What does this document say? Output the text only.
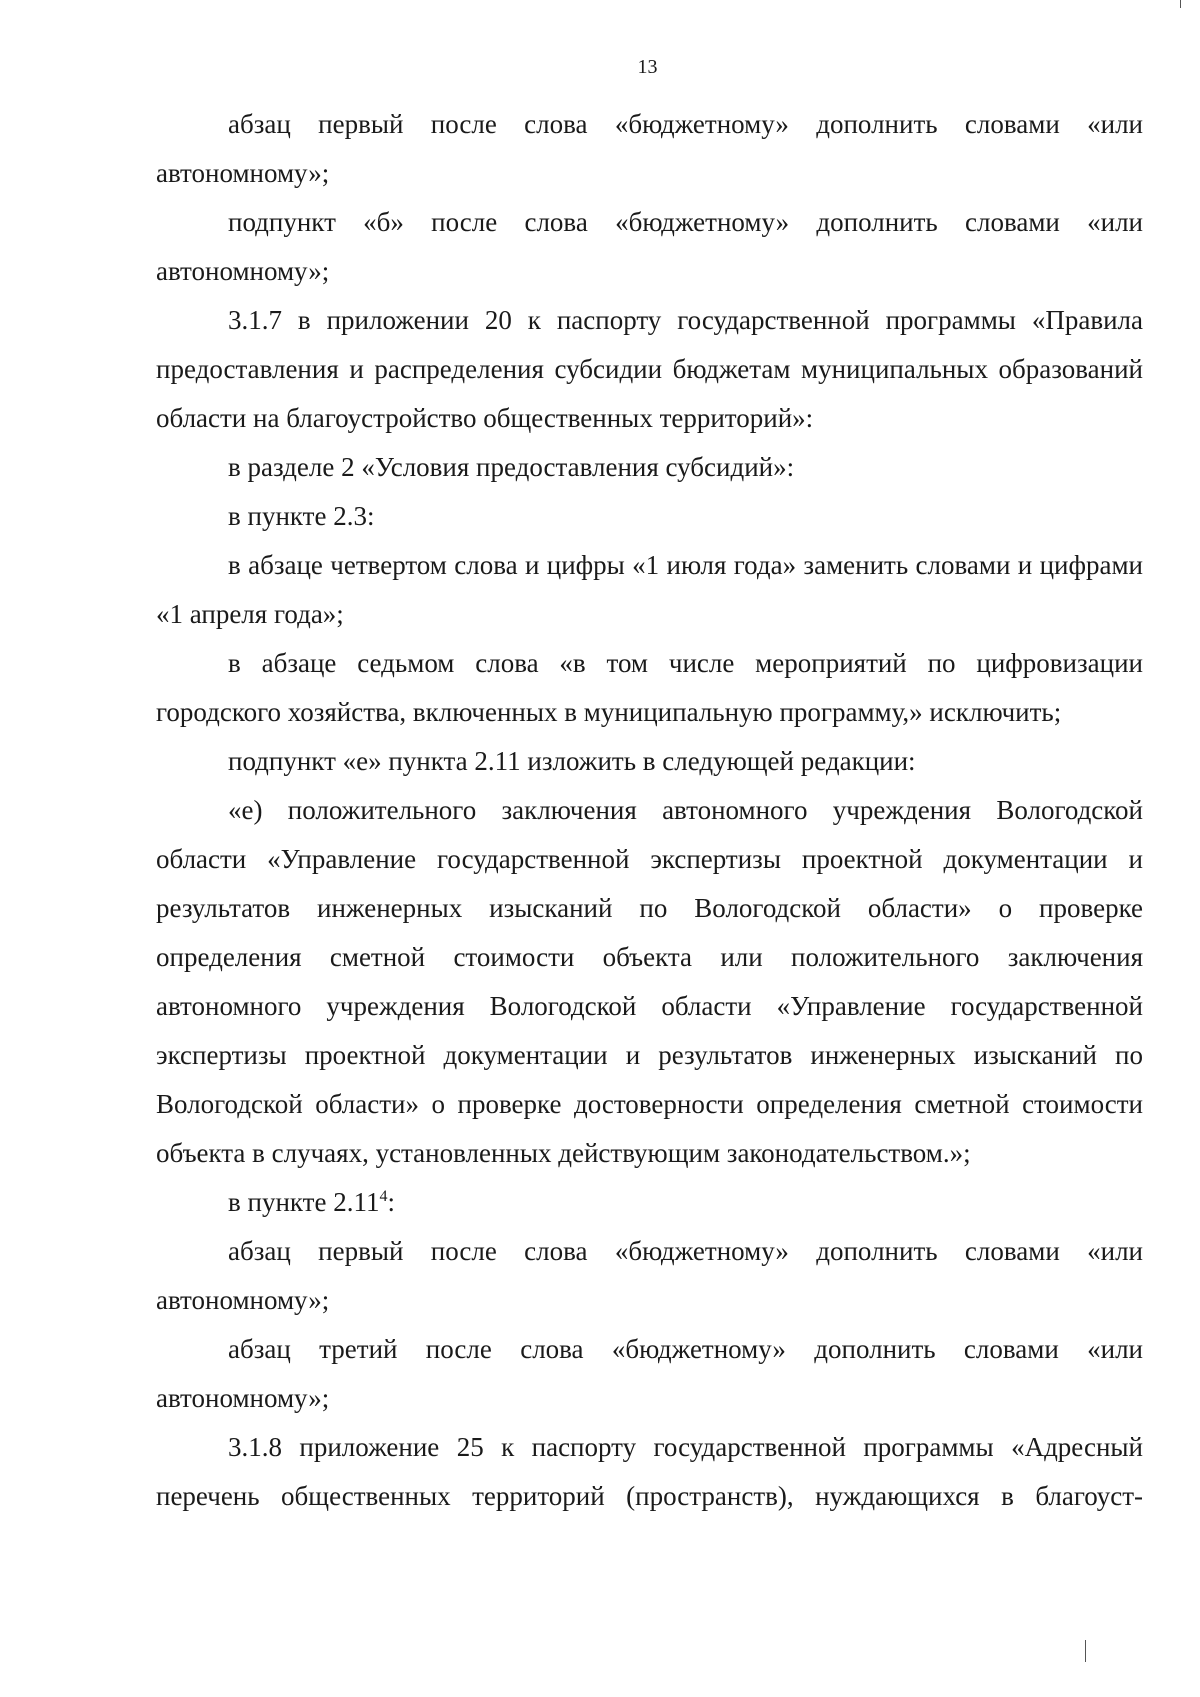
13

абзац первый после слова «бюджетному» дополнить словами «или автономному»;

подпункт «б» после слова «бюджетному» дополнить словами «или автономному»;

3.1.7 в приложении 20 к паспорту государственной программы «Правила предоставления и распределения субсидии бюджетам муниципальных образований области на благоустройство общественных территорий»:

в разделе 2 «Условия предоставления субсидий»:

в пункте 2.3:

в абзаце четвертом слова и цифры «1 июля года» заменить словами и цифрами «1 апреля года»;

в абзаце седьмом слова «в том числе мероприятий по цифровизации городского хозяйства, включенных в муниципальную программу,» исключить;

подпункт «е» пункта 2.11 изложить в следующей редакции:

«е) положительного заключения автономного учреждения Вологодской области «Управление государственной экспертизы проектной документации и результатов инженерных изысканий по Вологодской области» о проверке определения сметной стоимости объекта или положительного заключения автономного учреждения Вологодской области «Управление государственной экспертизы проектной документации и результатов инженерных изысканий по Вологодской области» о проверке достоверности определения сметной стоимости объекта в случаях, установленных действующим законодательством.»;

в пункте 2.11$^4$:

абзац первый после слова «бюджетному» дополнить словами «или автономному»;

абзац третий после слова «бюджетному» дополнить словами «или автономному»;

3.1.8 приложение 25 к паспорту государственной программы «Адресный перечень общественных территорий (пространств), нуждающихся в благоуст-
